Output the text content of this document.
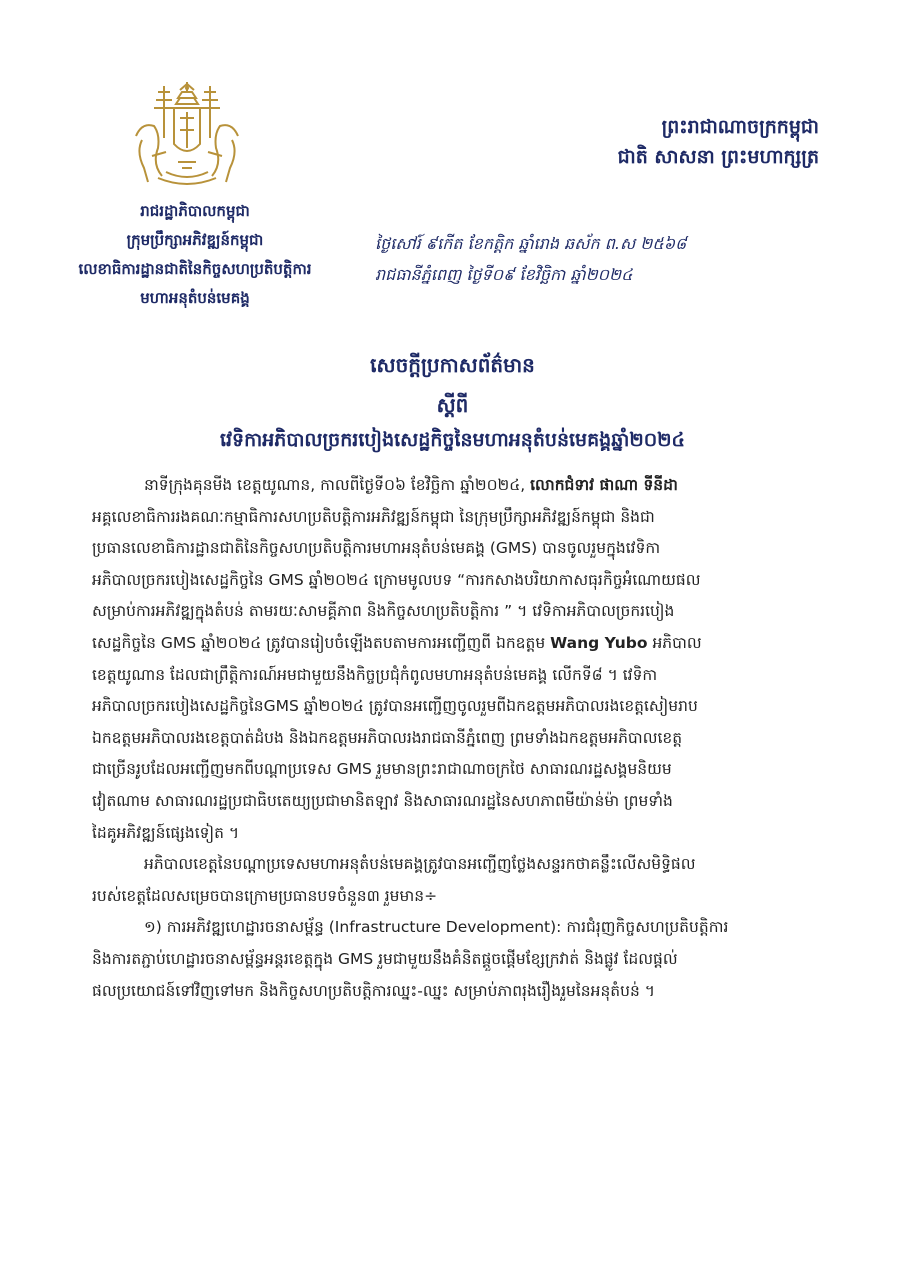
ព្រះរាជាណាចក្រកម្ពុជា
ជាតិ សាសនា ព្រះមហាក្សត្រ
រាជរដ្ឋាភិបាលកម្ពុជា
ក្រុមប្រឹក្សាអភិវឌ្ឍន៍កម្ពុជា
លេខាធិការដ្ឋានជាតិនៃកិច្ចសហប្រតិបត្តិការ
មហាអនុតំបន់មេគង្គ
ថ្ងៃសៅរ៍ ៩កើត ខែកត្តិក ឆ្នាំរោង ឆស័ក ព.ស ២៥៦៨
រាជធានីភ្នំពេញ ថ្ងៃទី០៩ ខែវិច្ឆិកា ឆ្នាំ២០២៤
សេចក្ដីប្រកាសព័ត៌មាន
ស្ដីពី
វេទិកាអភិបាលច្រករបៀងសេដ្ឋកិច្ចនៃមហាអនុតំបន់មេគង្គឆ្នាំ២០២៤

នាទីក្រុងគុនមីង ខេត្តយូណាន, កាលពីថ្ងៃទី០៦ ខែវិច្ឆិកា ឆ្នាំ២០២៤, លោកជំទាវ ផាណា ទីនីដា
អគ្គលេខាធិការរងគណៈកម្មាធិការសហប្រតិបត្តិការអភិវឌ្ឍន៍កម្ពុជា នៃក្រុមប្រឹក្សាអភិវឌ្ឍន៍កម្ពុជា និងជា
ប្រធានលេខាធិការដ្ឋានជាតិនៃកិច្ចសហប្រតិបត្តិការមហាអនុតំបន់មេគង្គ (GMS) បានចូលរួមក្នុងវេទិកា
អភិបាលច្រករបៀងសេដ្ឋកិច្ចនៃ GMS ឆ្នាំ២០២៤ ក្រោមមូលបទ “ការកសាងបរិយាកាសធុរកិច្ចអំណោយផល
សម្រាប់ការអភិវឌ្ឍក្នុងតំបន់ តាមរយៈសាមគ្គីភាព និងកិច្ចសហប្រតិបត្តិការ ” ។ វេទិកាអភិបាលច្រករបៀង
សេដ្ឋកិច្ចនៃ GMS ឆ្នាំ២០២៤ ត្រូវបានរៀបចំឡើងតបតាមការអញ្ជើញពី ឯកឧត្ដម Wang Yubo អភិបាល
ខេត្តយូណាន ដែលជាព្រឹត្តិការណ៍អមជាមួយនឹងកិច្ចប្រជុំកំពូលមហាអនុតំបន់មេគង្គ លើកទី៨ ។ វេទិកា
អភិបាលច្រករបៀងសេដ្ឋកិច្ចនៃGMS ឆ្នាំ២០២៤ ត្រូវបានអញ្ជើញចូលរួមពីឯកឧត្តមអភិបាលរងខេត្តសៀមរាប
ឯកឧត្តមអភិបាលរងខេត្តបាត់ដំបង និងឯកឧត្តមអភិបាលរងរាជធានីភ្នំពេញ ព្រមទាំងឯកឧត្តមអភិបាលខេត្ត
ជាច្រើនរូបដែលអញ្ជើញមកពីបណ្ដាប្រទេស GMS រួមមានព្រះរាជាណាចក្រថៃ សាធារណរដ្ឋសង្គមនិយម
វៀតណាម សាធារណរដ្ឋប្រជាធិបតេយ្យប្រជាមានិតឡាវ និងសាធារណរដ្ឋនៃសហភាពមីយ៉ាន់ម៉ា ព្រមទាំង
ដៃគូអភិវឌ្ឍន៍ផ្សេងទៀត ។

អភិបាលខេត្តនៃបណ្ដាប្រទេសមហាអនុតំបន់មេគង្គត្រូវបានអញ្ជើញថ្លែងសន្ទរកថាគន្លឹះលើសមិទ្ធិផល
របស់ខេត្តដែលសម្រេចបានក្រោមប្រធានបទចំនួន៣ រួមមាន÷

១) ការអភិវឌ្ឍហេដ្ឋារចនាសម្ព័ន្ធ (Infrastructure Development): ការជំរុញកិច្ចសហប្រតិបត្តិការ
និងការតភ្ជាប់ហេដ្ឋារចនាសម្ព័ន្ធអន្តរខេត្តក្នុង GMS រួមជាមួយនឹងគំនិតផ្ដួចផ្ដើមខ្សែក្រវាត់ និងផ្លូវ ដែលផ្ដល់
ផលប្រយោជន៍ទៅវិញទៅមក និងកិច្ចសហប្រតិបត្តិការឈ្នះ-ឈ្នះ សម្រាប់ភាពរុងរឿងរួមនៃអនុតំបន់ ។
